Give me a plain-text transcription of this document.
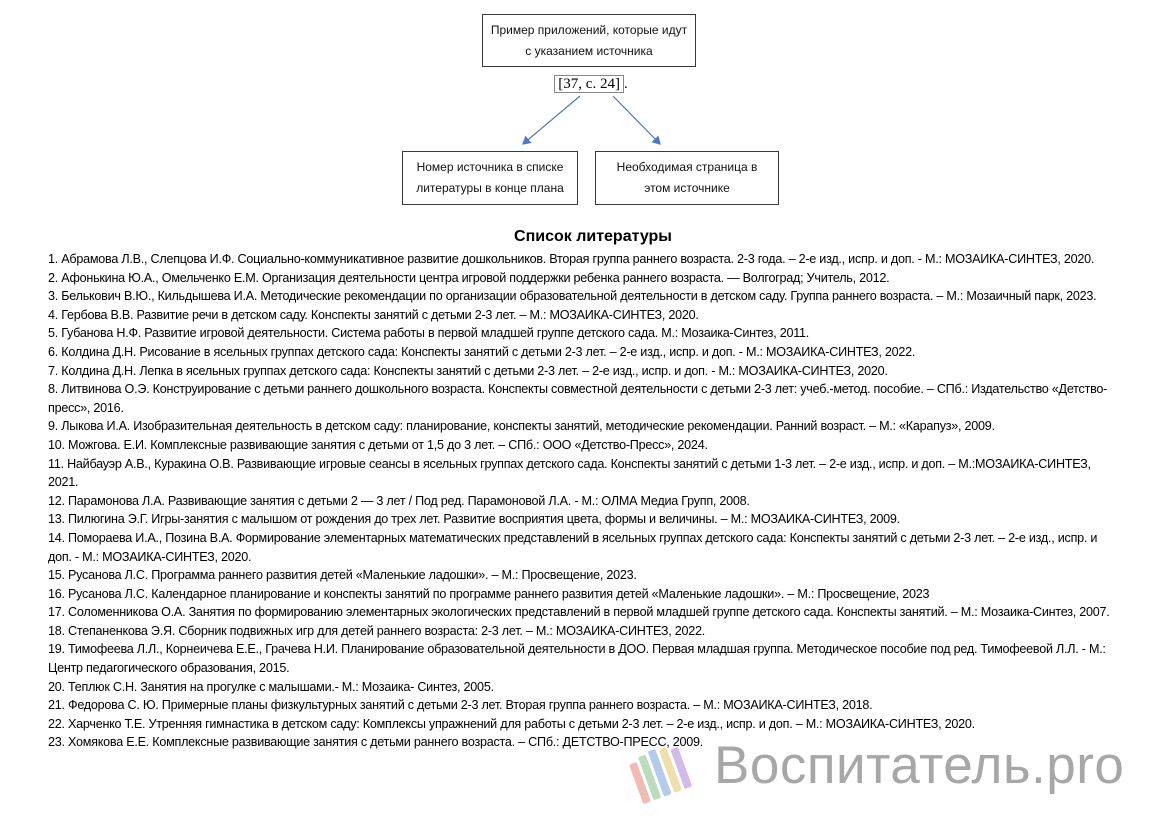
Пример приложений, которые идут с указанием источника
[37, с. 24] .
Номер источника в списке литературы в конце плана
Необходимая страница в этом источнике
Список литературы

1. Абрамова Л.В., Слепцова И.Ф. Социально-коммуникативное развитие дошкольников. Вторая группа раннего возраста. 2-3 года. – 2-е изд., испр. и доп. - М.: МОЗАИКА-СИНТЕЗ, 2020.

2. Афонькина Ю.А., Омельченко Е.М. Организация деятельности центра игровой поддержки ребенка раннего возраста. — Волгоград; Учитель, 2012.

3. Белькович В.Ю., Кильдышева И.А. Методические рекомендации по организации образовательной деятельности в детском саду. Группа раннего возраста. – М.: Мозаичный парк, 2023.

4. Гербова В.В. Развитие речи в детском саду. Конспекты занятий с детьми 2-3 лет. – М.: МОЗАИКА-СИНТЕЗ, 2020.

5. Губанова Н.Ф. Развитие игровой деятельности. Система работы в первой младшей группе детского сада. М.: Мозаика-Синтез, 2011.

6. Колдина Д.Н. Рисование в ясельных группах детского сада: Конспекты занятий с детьми 2-3 лет. – 2-е изд., испр. и доп. - М.: МОЗАИКА-СИНТЕЗ, 2022.

7. Колдина Д.Н. Лепка в ясельных группах детского сада: Конспекты занятий с детьми 2-3 лет. – 2-е изд., испр. и доп. - М.: МОЗАИКА-СИНТЕЗ, 2020.

8. Литвинова О.Э. Конструирование с детьми раннего дошкольного возраста. Конспекты совместной деятельности с детьми 2-3 лет: учеб.-метод. пособие. – СПб.: Издательство «Детство-пресс», 2016.

9. Лыкова И.А. Изобразительная деятельность в детском саду: планирование, конспекты занятий, методические рекомендации. Ранний возраст. – М.: «Карапуз», 2009.

10. Можгова. Е.И. Комплексные развивающие занятия с детьми от 1,5 до 3 лет. – СПб.: ООО «Детство-Пресс», 2024.

11. Найбауэр А.В., Куракина О.В. Развивающие игровые сеансы в ясельных группах детского сада. Конспекты занятий с детьми 1-3 лет. – 2-е изд., испр. и доп. – М.:МОЗАИКА-СИНТЕЗ, 2021.

12. Парамонова Л.А. Развивающие занятия с детьми 2 — 3 лет / Под ред. Парамоновой Л.А. - М.: ОЛМА Медиа Групп, 2008.

13. Пилюгина Э.Г. Игры-занятия с малышом от рождения до трех лет. Развитие восприятия цвета, формы и величины. – М.: МОЗАИКА-СИНТЕЗ, 2009.

14. Помораева И.А., Позина В.А. Формирование элементарных математических представлений в ясельных группах детского сада: Конспекты занятий с детьми 2-3 лет. – 2-е изд., испр. и доп. - М.: МОЗАИКА-СИНТЕЗ, 2020.

15. Русанова Л.С. Программа раннего развития детей «Маленькие ладошки». – М.: Просвещение, 2023.

16. Русанова Л.С. Календарное планирование и конспекты занятий по программе раннего развития детей «Маленькие ладошки». – М.: Просвещение, 2023

17. Соломенникова О.А. Занятия по формированию элементарных экологических представлений в первой младшей группе детского сада. Конспекты занятий. – М.: Мозаика-Синтез, 2007.

18. Степаненкова Э.Я. Сборник подвижных игр для детей раннего возраста: 2-3 лет. – М.: МОЗАИКА-СИНТЕЗ, 2022.

19. Тимофеева Л.Л., Корнеичева Е.Е., Грачева Н.И. Планирование образовательной деятельности в ДОО. Первая младшая группа. Методическое пособие под ред. Тимофеевой Л.Л. - М.: Центр педагогического образования, 2015.

20. Теплюк С.Н. Занятия на прогулке с малышами.- М.: Мозаика- Синтез, 2005.

21. Федорова С. Ю. Примерные планы физкультурных занятий с детьми 2-3 лет. Вторая группа раннего возраста. – М.: МОЗАИКА-СИНТЕЗ, 2018.

22. Харченко Т.Е. Утренняя гимнастика в детском саду: Комплексы упражнений для работы с детьми 2-3 лет. – 2-е изд., испр. и доп. – М.: МОЗАИКА-СИНТЕЗ, 2020.

23. Хомякова Е.Е. Комплексные развивающие занятия с детьми раннего возраста. – СПб.: ДЕТСТВО-ПРЕСС, 2009. Воспитатель.pro
